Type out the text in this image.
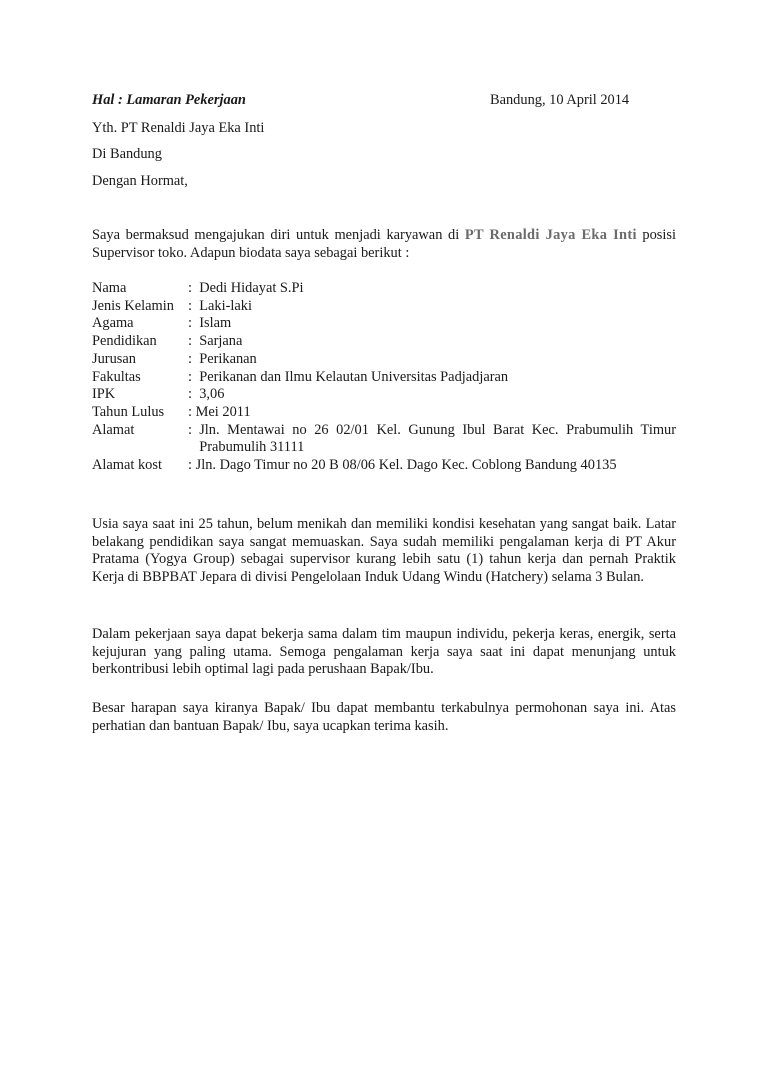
Hal : Lamaran Pekerjaan	Bandung, 10 April 2014
Yth. PT Renaldi Jaya Eka Inti
Di Bandung
Dengan Hormat,
Saya bermaksud mengajukan diri untuk menjadi karyawan di PT Renaldi Jaya Eka Inti posisi Supervisor toko. Adapun biodata saya sebagai berikut :
Nama	: Dedi Hidayat S.Pi
Jenis Kelamin : Laki-laki
Agama	: Islam
Pendidikan	: Sarjana
Jurusan	: Perikanan
Fakultas	: Perikanan dan Ilmu Kelautan Universitas Padjadjaran
IPK	: 3,06
Tahun Lulus	: Mei 2011
Alamat	: Jln. Mentawai no 26 02/01 Kel. Gunung Ibul Barat Kec. Prabumulih Timur Prabumulih 31111
Alamat kost	: Jln. Dago Timur no 20 B 08/06 Kel. Dago Kec. Coblong Bandung 40135
Usia saya saat ini 25 tahun, belum menikah dan memiliki kondisi kesehatan yang sangat baik. Latar belakang pendidikan saya sangat memuaskan. Saya sudah memiliki pengalaman kerja di PT Akur Pratama (Yogya Group) sebagai supervisor kurang lebih satu (1) tahun kerja dan pernah Praktik Kerja di BBPBAT Jepara di divisi Pengelolaan Induk Udang Windu (Hatchery) selama 3 Bulan.
Dalam pekerjaan saya dapat bekerja sama dalam tim maupun individu, pekerja keras, energik, serta kejujuran yang paling utama. Semoga pengalaman kerja saya saat ini dapat menunjang untuk berkontribusi lebih optimal lagi pada perushaan Bapak/Ibu.
Besar harapan saya kiranya Bapak/ Ibu dapat membantu terkabulnya permohonan saya ini. Atas perhatian dan bantuan Bapak/ Ibu, saya ucapkan terima kasih.
